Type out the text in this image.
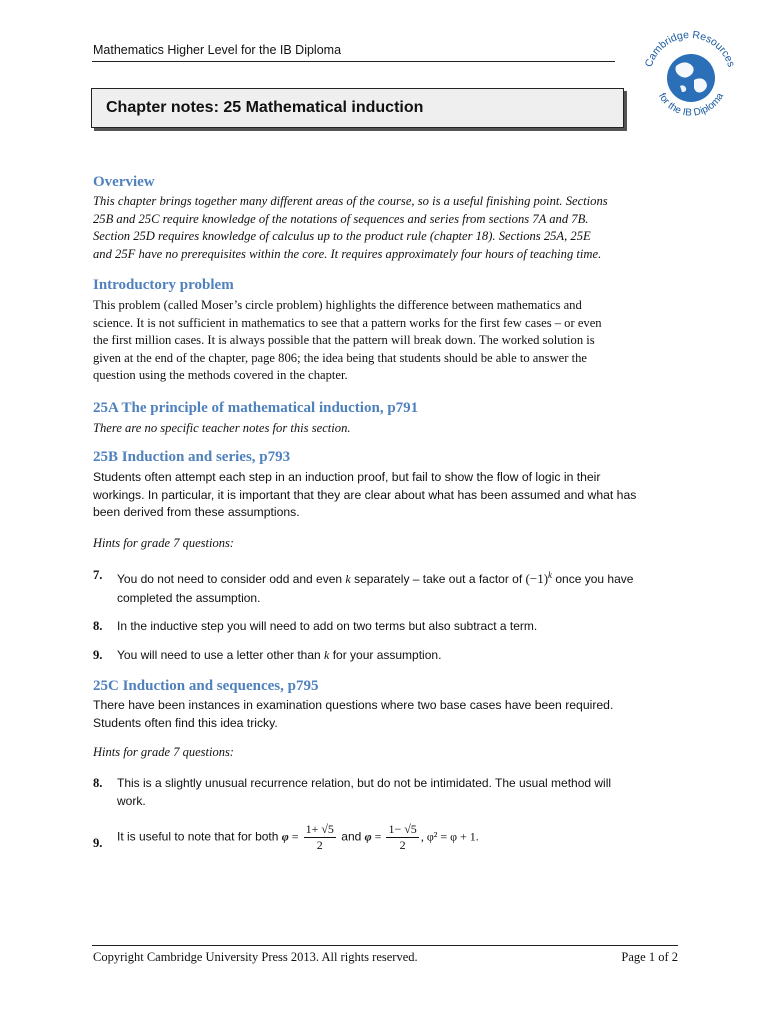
Mathematics Higher Level for the IB Diploma
Cambridge Resources
for the IB Diploma
Chapter notes: 25 Mathematical induction
Overview
This chapter brings together many different areas of the course, so is a useful finishing point. Sections
25B and 25C require knowledge of the notations of sequences and series from sections 7A and 7B.
Section 25D requires knowledge of calculus up to the product rule (chapter 18). Sections 25A, 25E
and 25F have no prerequisites within the core. It requires approximately four hours of teaching time.
Introductory problem
This problem (called Moser’s circle problem) highlights the difference between mathematics and
science. It is not sufficient in mathematics to see that a pattern works for the first few cases – or even
the first million cases. It is always possible that the pattern will break down. The worked solution is
given at the end of the chapter, page 806; the idea being that students should be able to answer the
question using the methods covered in the chapter.
25A The principle of mathematical induction, p791
There are no specific teacher notes for this section.
25B Induction and series, p793
Students often attempt each step in an induction proof, but fail to show the flow of logic in their
workings. In particular, it is important that they are clear about what has been assumed and what has
been derived from these assumptions.
Hints for grade 7 questions:
7. You do not need to consider odd and even k separately – take out a factor of $(-1)^k$ once you have
completed the assumption.
8. In the inductive step you will need to add on two terms but also subtract a term.
9. You will need to use a letter other than k for your assumption.
25C Induction and sequences, p795
There have been instances in examination questions where two base cases have been required.
Students often find this idea tricky.
Hints for grade 7 questions:
8. This is a slightly unusual recurrence relation, but do not be intimidated. The usual method will
work.
9. It is useful to note that for both $\varphi = \frac{1+ √5}{2}$ and $\varphi = \frac{1- √5}{2}$ , φ² = φ + 1.
Copyright Cambridge University Press 2013. All rights reserved.	Page 1 of 2
